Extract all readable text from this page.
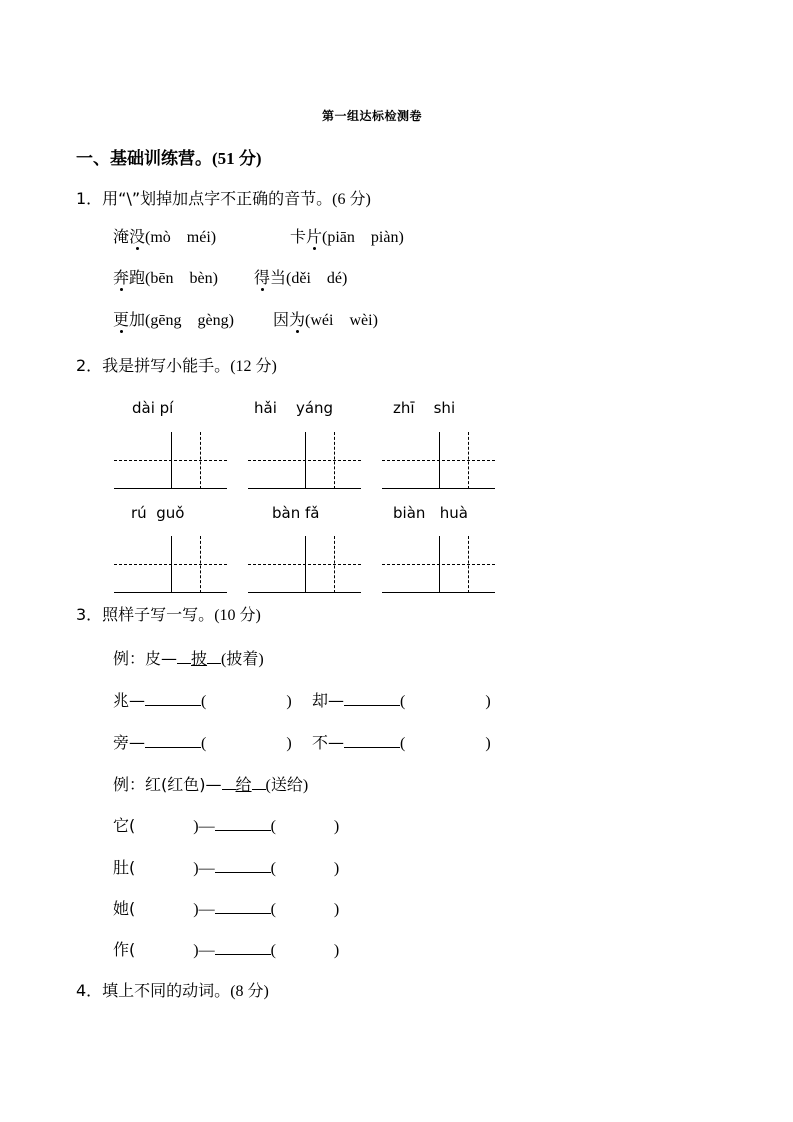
第一组达标检测卷
一、基础训练营。(51 分)
1．用“\”划掉加点字不正确的音节。(6 分)
淹没(mò    méi)	卡片(piān    piàn)
奔跑(bēn    bèn) 得当(děi    dé)
更加(gēng    gèng) 因为(wéi    wèi)
2．我是拼写小能手。(12 分)
dài pí	hǎi    yáng	zhī    shi
rú  guǒ	bàn fǎ	biàn   huà
3．照样子写一写。(10 分)
例：皮— 披 (披着)
兆—	(	) 却—	(	)
旁—	(	) 不—	(	)
例：红(红色)— 给 (送给)
它(	)—	(	)
肚(	)—	(	)
她(	)—	(	)
作(	)—	(	)
4．填上不同的动词。(8 分)
